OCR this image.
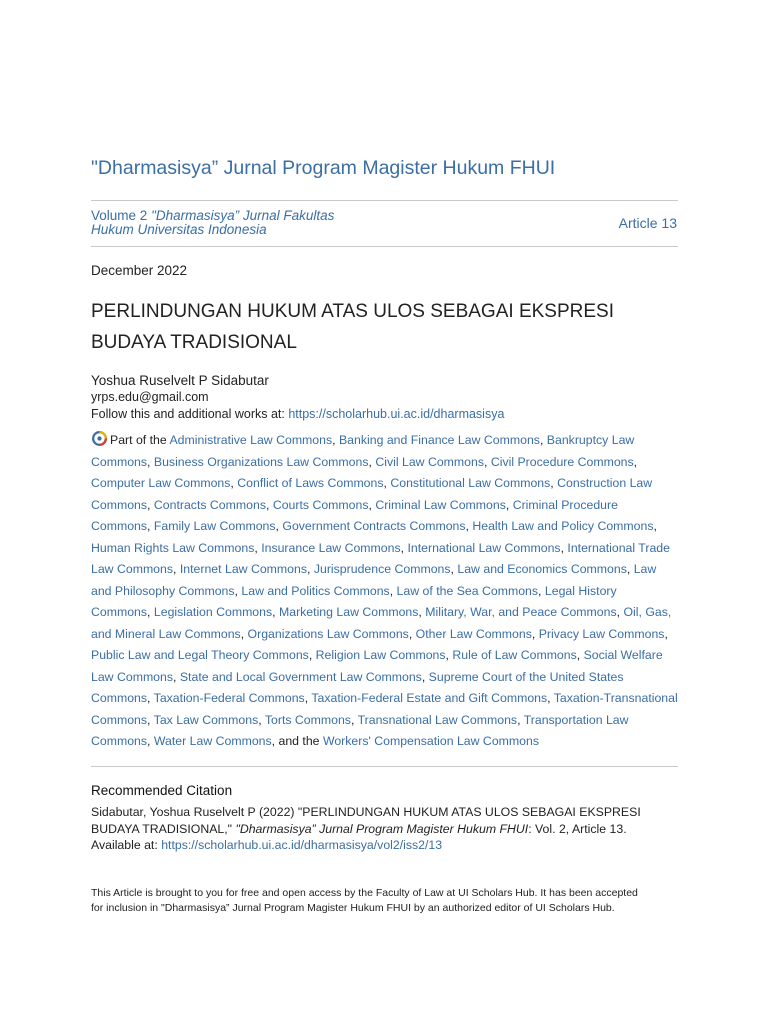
"Dharmasisya” Jurnal Program Magister Hukum FHUI
Volume 2 "Dharmasisya” Jurnal Fakultas Hukum Universitas Indonesia	Article 13
December 2022
PERLINDUNGAN HUKUM ATAS ULOS SEBAGAI EKSPRESI BUDAYA TRADISIONAL
Yoshua Ruselvelt P Sidabutar
yrps.edu@gmail.com
Follow this and additional works at: https://scholarhub.ui.ac.id/dharmasisya
Part of the Administrative Law Commons, Banking and Finance Law Commons, Bankruptcy Law Commons, Business Organizations Law Commons, Civil Law Commons, Civil Procedure Commons, Computer Law Commons, Conflict of Laws Commons, Constitutional Law Commons, Construction Law Commons, Contracts Commons, Courts Commons, Criminal Law Commons, Criminal Procedure Commons, Family Law Commons, Government Contracts Commons, Health Law and Policy Commons, Human Rights Law Commons, Insurance Law Commons, International Law Commons, International Trade Law Commons, Internet Law Commons, Jurisprudence Commons, Law and Economics Commons, Law and Philosophy Commons, Law and Politics Commons, Law of the Sea Commons, Legal History Commons, Legislation Commons, Marketing Law Commons, Military, War, and Peace Commons, Oil, Gas, and Mineral Law Commons, Organizations Law Commons, Other Law Commons, Privacy Law Commons, Public Law and Legal Theory Commons, Religion Law Commons, Rule of Law Commons, Social Welfare Law Commons, State and Local Government Law Commons, Supreme Court of the United States Commons, Taxation-Federal Commons, Taxation-Federal Estate and Gift Commons, Taxation-Transnational Commons, Tax Law Commons, Torts Commons, Transnational Law Commons, Transportation Law Commons, Water Law Commons, and the Workers' Compensation Law Commons
Recommended Citation
Sidabutar, Yoshua Ruselvelt P (2022) "PERLINDUNGAN HUKUM ATAS ULOS SEBAGAI EKSPRESI BUDAYA TRADISIONAL," "Dharmasisya” Jurnal Program Magister Hukum FHUI: Vol. 2, Article 13.
Available at: https://scholarhub.ui.ac.id/dharmasisya/vol2/iss2/13
This Article is brought to you for free and open access by the Faculty of Law at UI Scholars Hub. It has been accepted for inclusion in "Dharmasisya” Jurnal Program Magister Hukum FHUI by an authorized editor of UI Scholars Hub.
